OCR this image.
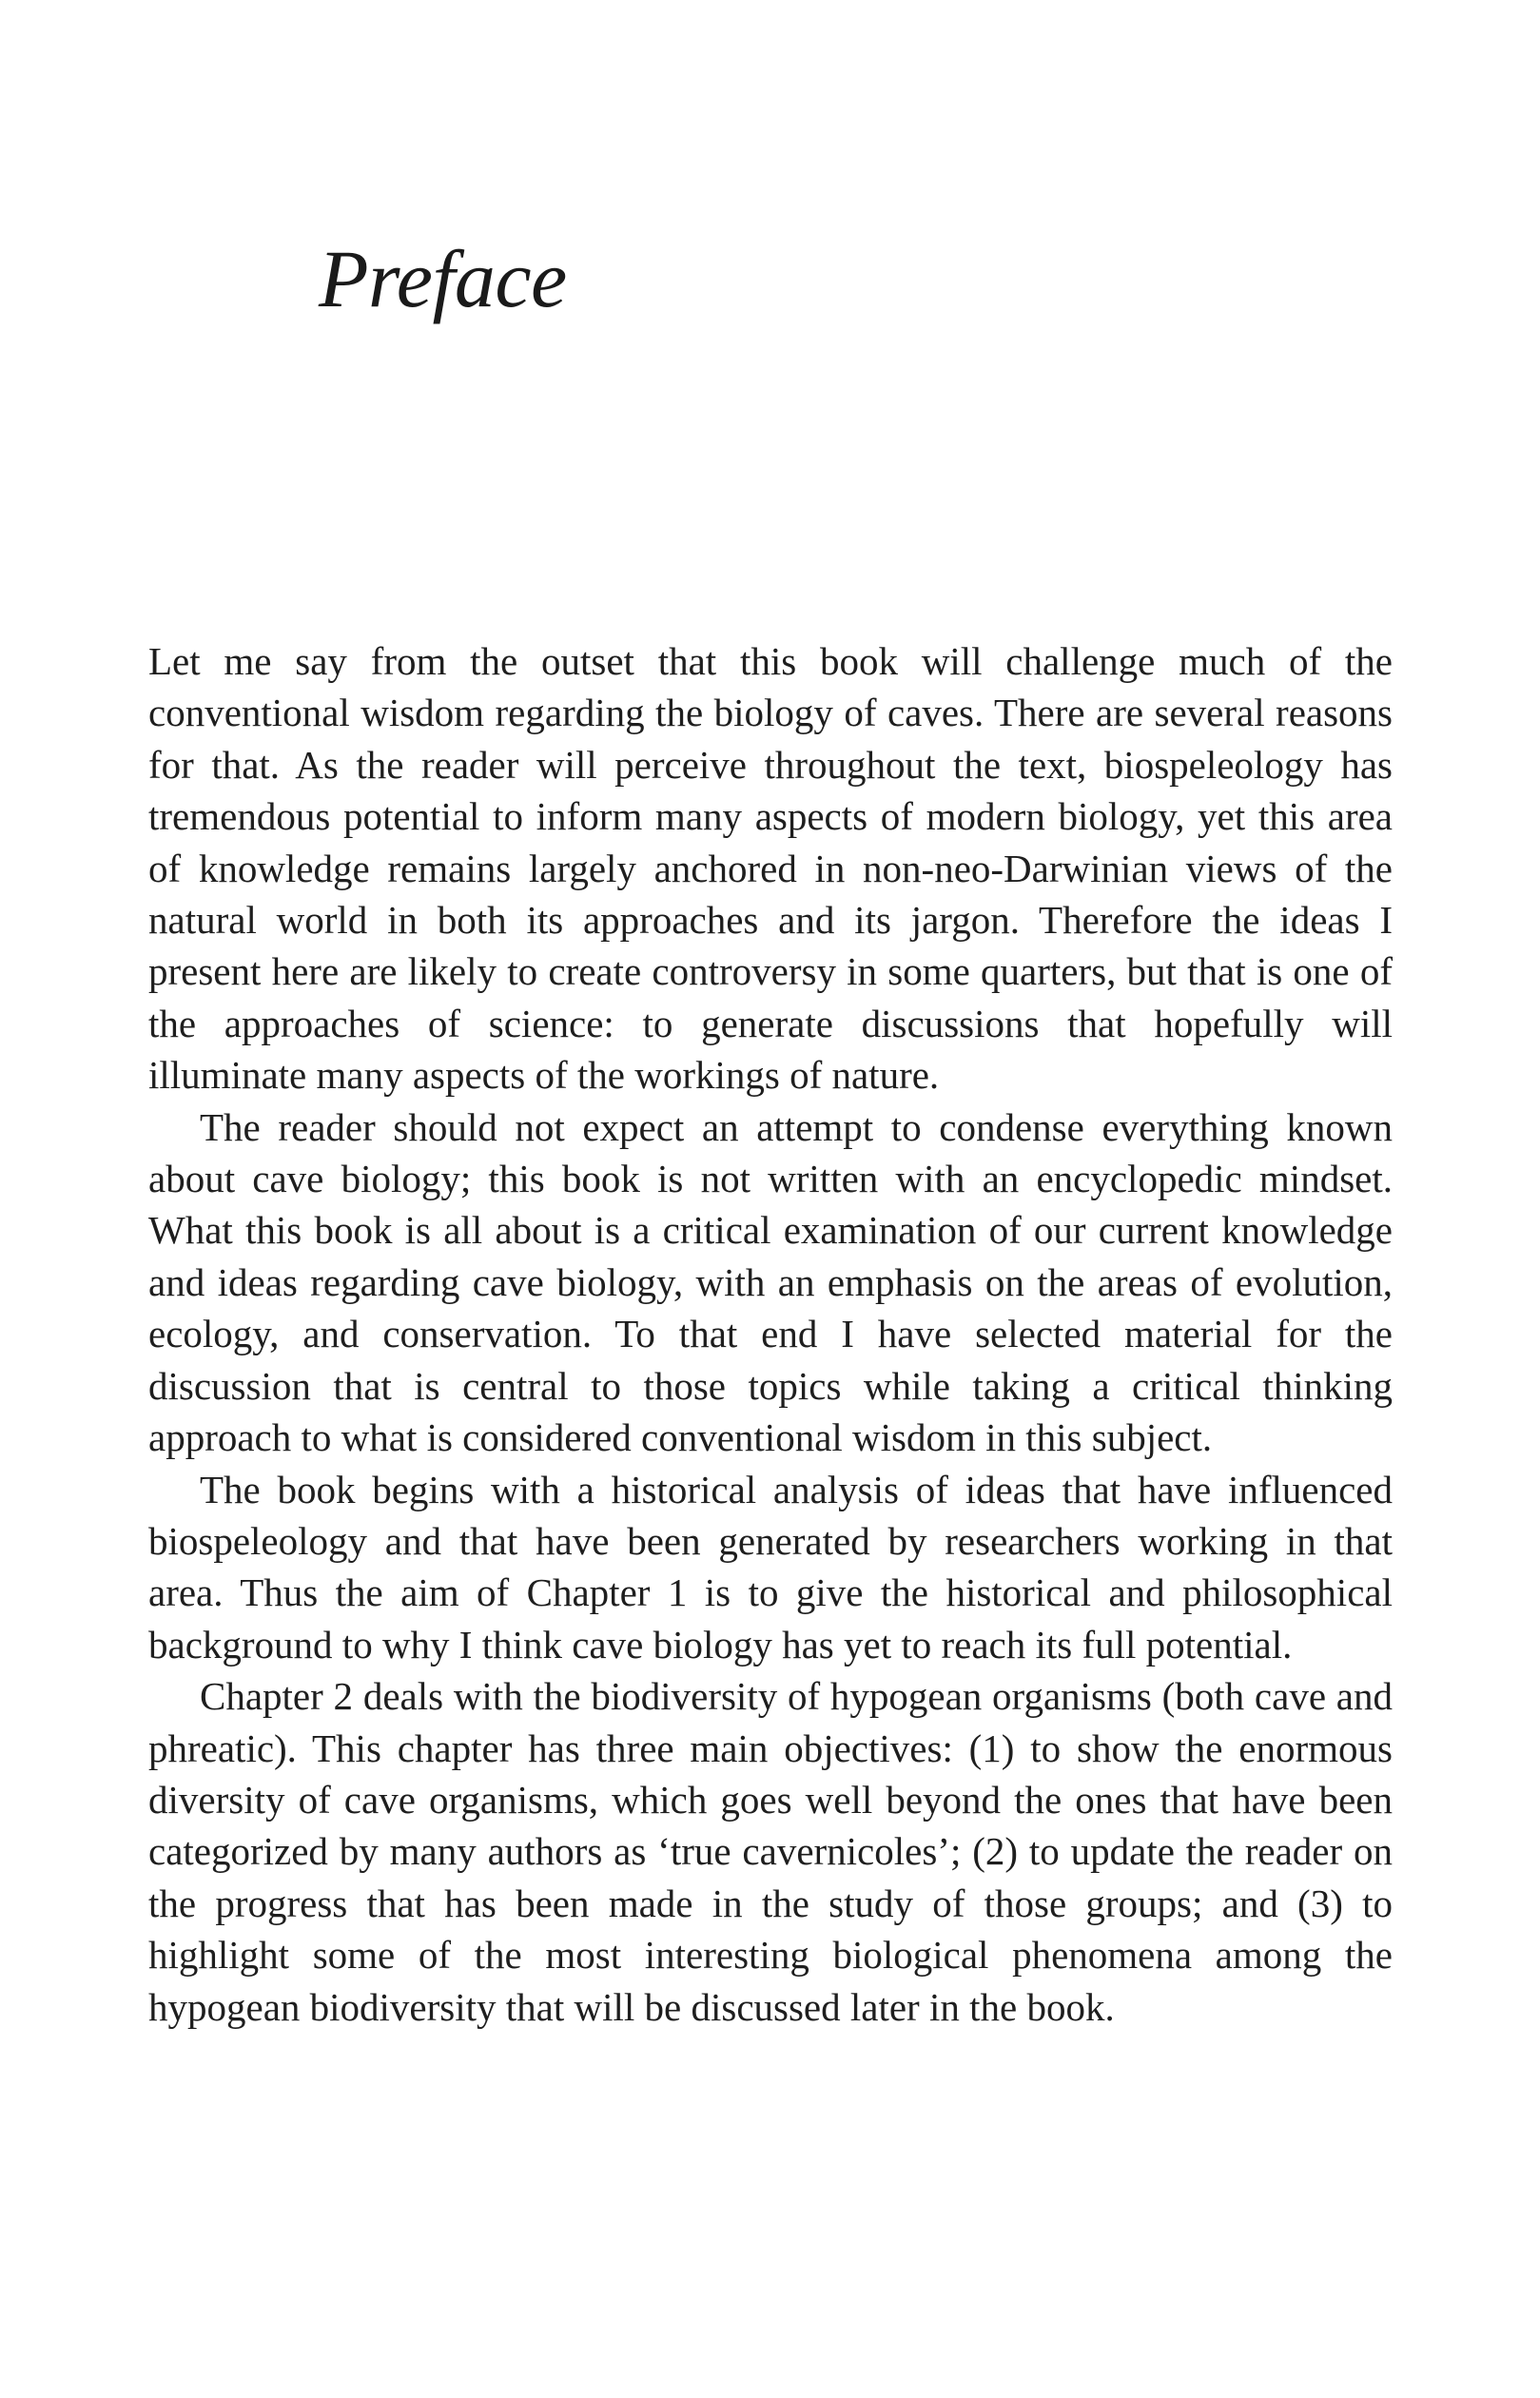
Preface

Let me say from the outset that this book will challenge much of the conventional wisdom regarding the biology of caves. There are several reasons for that. As the reader will perceive throughout the text, biospeleology has tremendous potential to inform many aspects of modern biology, yet this area of knowledge remains largely anchored in non-neo-Darwinian views of the natural world in both its approaches and its jargon. Therefore the ideas I present here are likely to create controversy in some quarters, but that is one of the approaches of science: to generate discussions that hopefully will illuminate many aspects of the workings of nature.

The reader should not expect an attempt to condense everything known about cave biology; this book is not written with an encyclopedic mindset. What this book is all about is a critical examination of our current knowledge and ideas regarding cave biology, with an emphasis on the areas of evolution, ecology, and conservation. To that end I have selected material for the discussion that is central to those topics while taking a critical thinking approach to what is considered conventional wisdom in this subject.

The book begins with a historical analysis of ideas that have influenced biospeleology and that have been generated by researchers working in that area. Thus the aim of Chapter 1 is to give the historical and philosophical background to why I think cave biology has yet to reach its full potential.

Chapter 2 deals with the biodiversity of hypogean organisms (both cave and phreatic). This chapter has three main objectives: (1) to show the enormous diversity of cave organisms, which goes well beyond the ones that have been categorized by many authors as ‘true cavernicoles’; (2) to update the reader on the progress that has been made in the study of those groups; and (3) to highlight some of the most interesting biological phenomena among the hypogean biodiversity that will be discussed later in the book.
